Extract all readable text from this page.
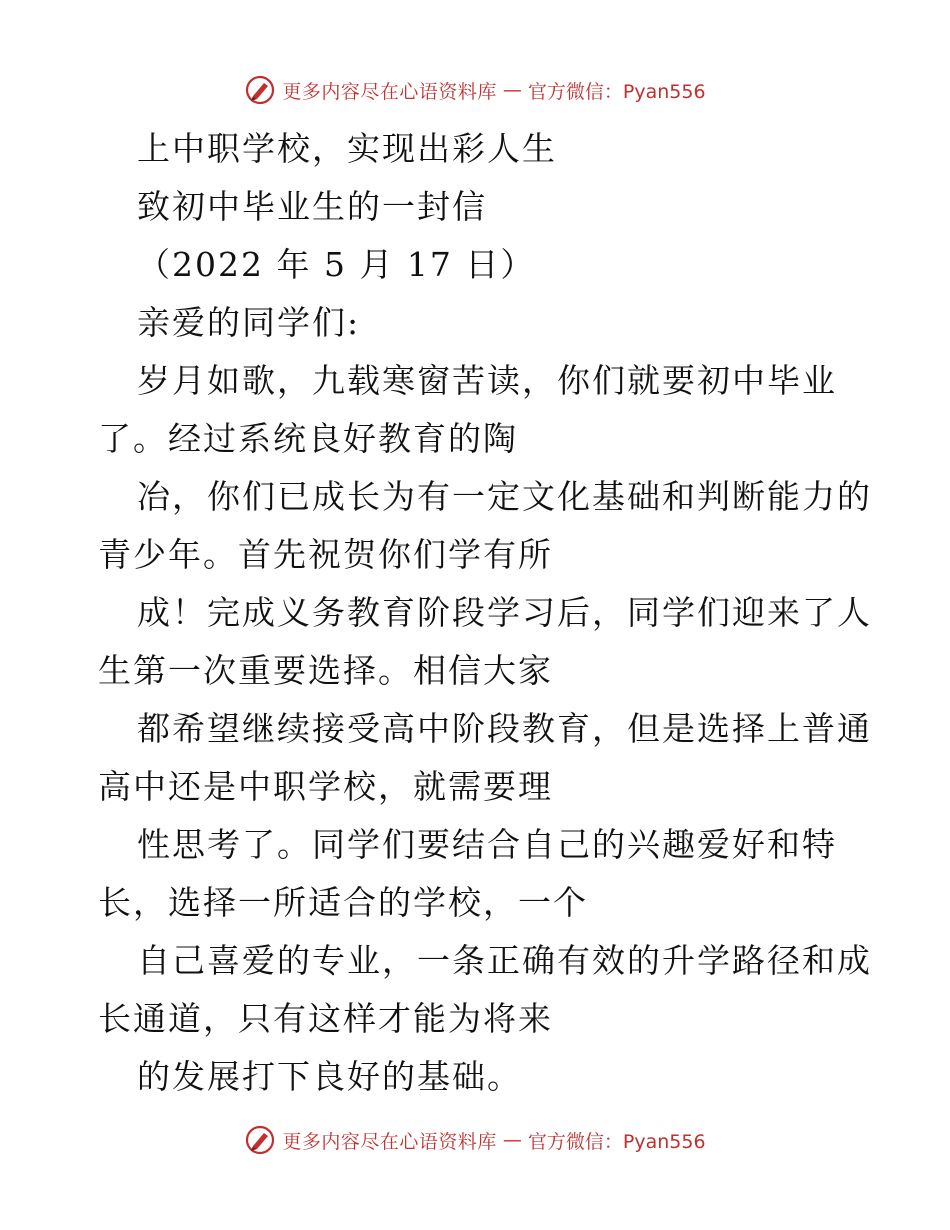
更多内容尽在心语资料库 — 官方微信：Pyan556
上中职学校，实现出彩人生
致初中毕业生的一封信
（2022 年 5 月 17 日）
亲爱的同学们:
岁月如歌，九载寒窗苦读，你们就要初中毕业
了。经过系统良好教育的陶
冶，你们已成长为有一定文化基础和判断能力的
青少年。首先祝贺你们学有所
成！完成义务教育阶段学习后，同学们迎来了人
生第一次重要选择。相信大家
都希望继续接受高中阶段教育，但是选择上普通
高中还是中职学校，就需要理
性思考了。同学们要结合自己的兴趣爱好和特
长，选择一所适合的学校，一个
自己喜爱的专业，一条正确有效的升学路径和成
长通道，只有这样才能为将来
的发展打下良好的基础。
更多内容尽在心语资料库 — 官方微信：Pyan556
